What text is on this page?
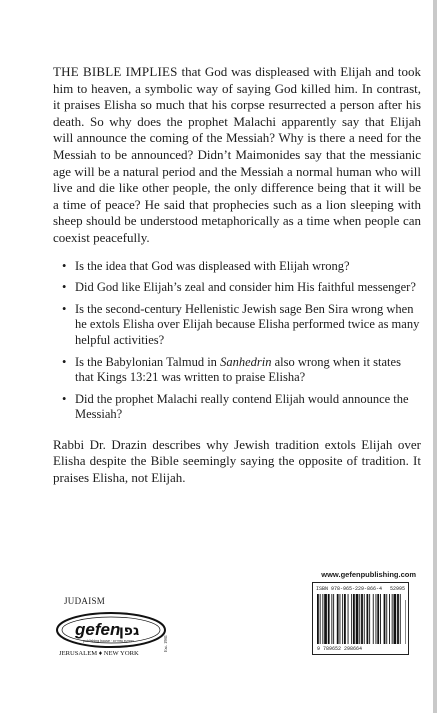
THE BIBLE IMPLIES that God was displeased with Elijah and took him to heaven, a symbolic way of saying God killed him. In contrast, it praises Elisha so much that his corpse resurrected a person after his death. So why does the prophet Malachi apparently say that Elijah will announce the coming of the Messiah? Why is there a need for the Messiah to be announced? Didn’t Maimonides say that the messianic age will be a natural period and the Messiah a normal human who will live and die like other people, the only difference being that it will be a time of peace? He said that prophecies such as a lion sleeping with sheep should be understood metaphorically as a time when people can coexist peacefully.

• Is the idea that God was displeased with Elijah wrong?
• Did God like Elijah’s zeal and consider him His faithful messenger?
• Is the second-century Hellenistic Jewish sage Ben Sira wrong when he extols Elisha over Elijah because Elisha performed twice as many helpful activities?
• Is the Babylonian Talmud in Sanhedrin also wrong when it states that Kings 13:21 was written to praise Elisha?
• Did the prophet Malachi really contend Elijah would announce the Messiah?

Rabbi Dr. Drazin describes why Jewish tradition extols Elijah over Elisha despite the Bible seemingly saying the opposite of tradition. It praises Elisha, not Elijah.

JUDAISM
gefen
גפן
publishing house · הוצאת ספרים
JERUSALEM ♦ NEW YORK
Est. 1981
www.gefenpublishing.com
ISBN 978-965-229-866-4 52995
9 789652 298664
